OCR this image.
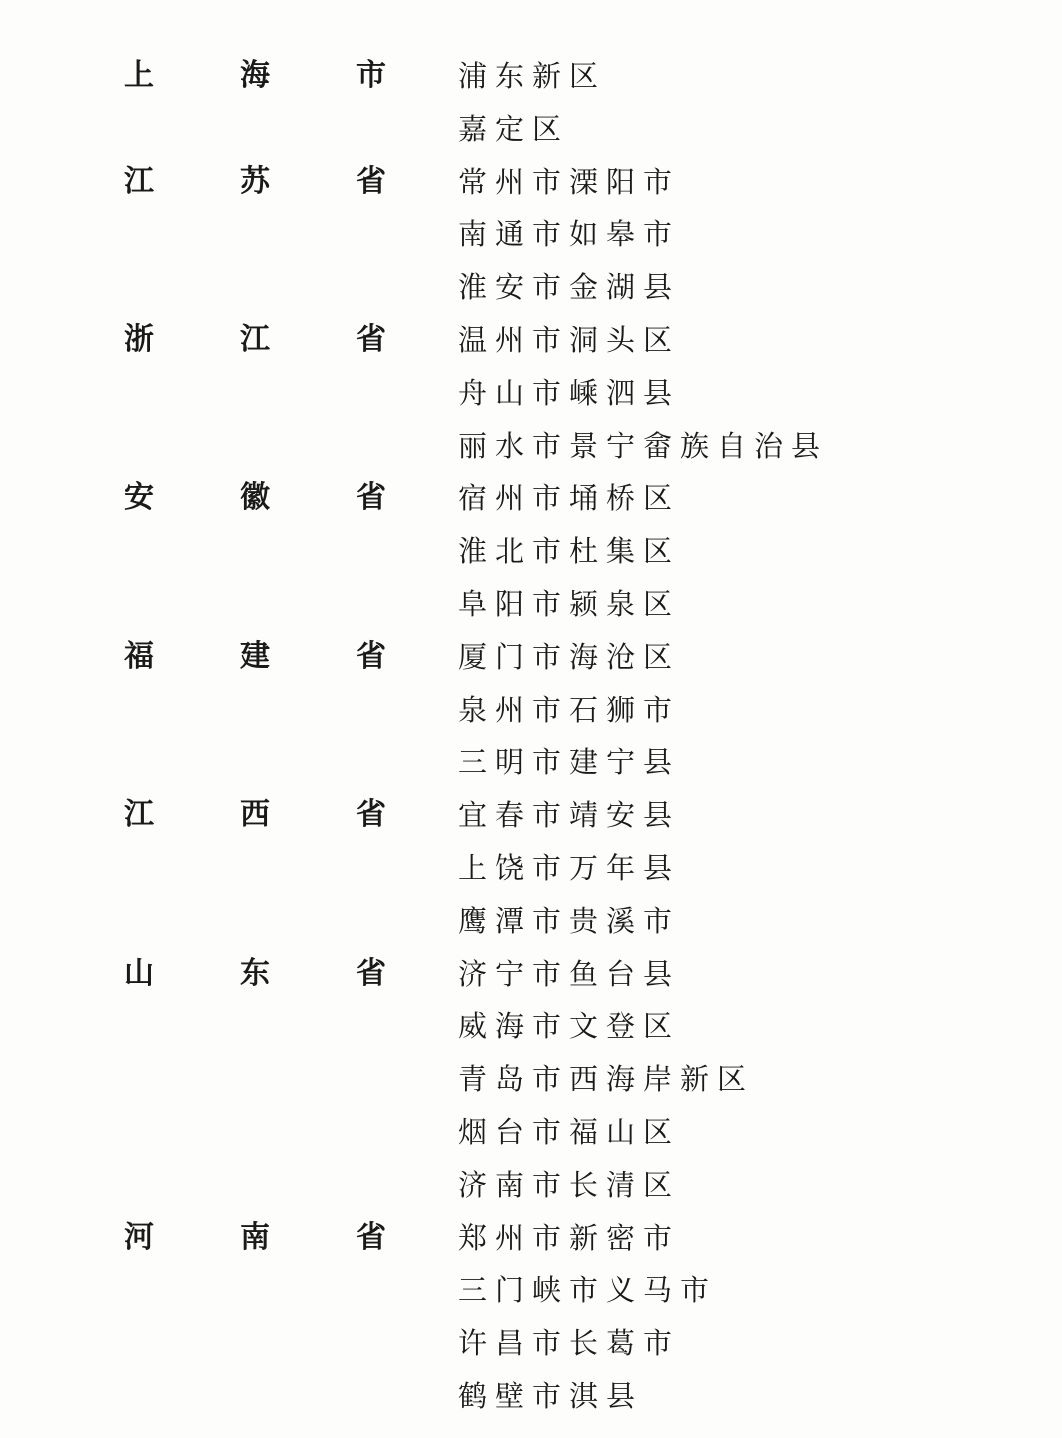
上	海	市 浦东新区
嘉定区
江	苏	省 常州市溧阳市
南通市如皋市
淮安市金湖县
浙	江	省 温州市洞头区
舟山市嵊泗县
丽水市景宁畲族自治县
安	徽	省 宿州市埇桥区
淮北市杜集区
阜阳市颍泉区
福	建	省 厦门市海沧区
泉州市石狮市
三明市建宁县
江	西	省 宜春市靖安县
上饶市万年县
鹰潭市贵溪市
山	东	省 济宁市鱼台县
威海市文登区
青岛市西海岸新区
烟台市福山区
济南市长清区
河	南	省 郑州市新密市
三门峡市义马市
许昌市长葛市
鹤壁市淇县
